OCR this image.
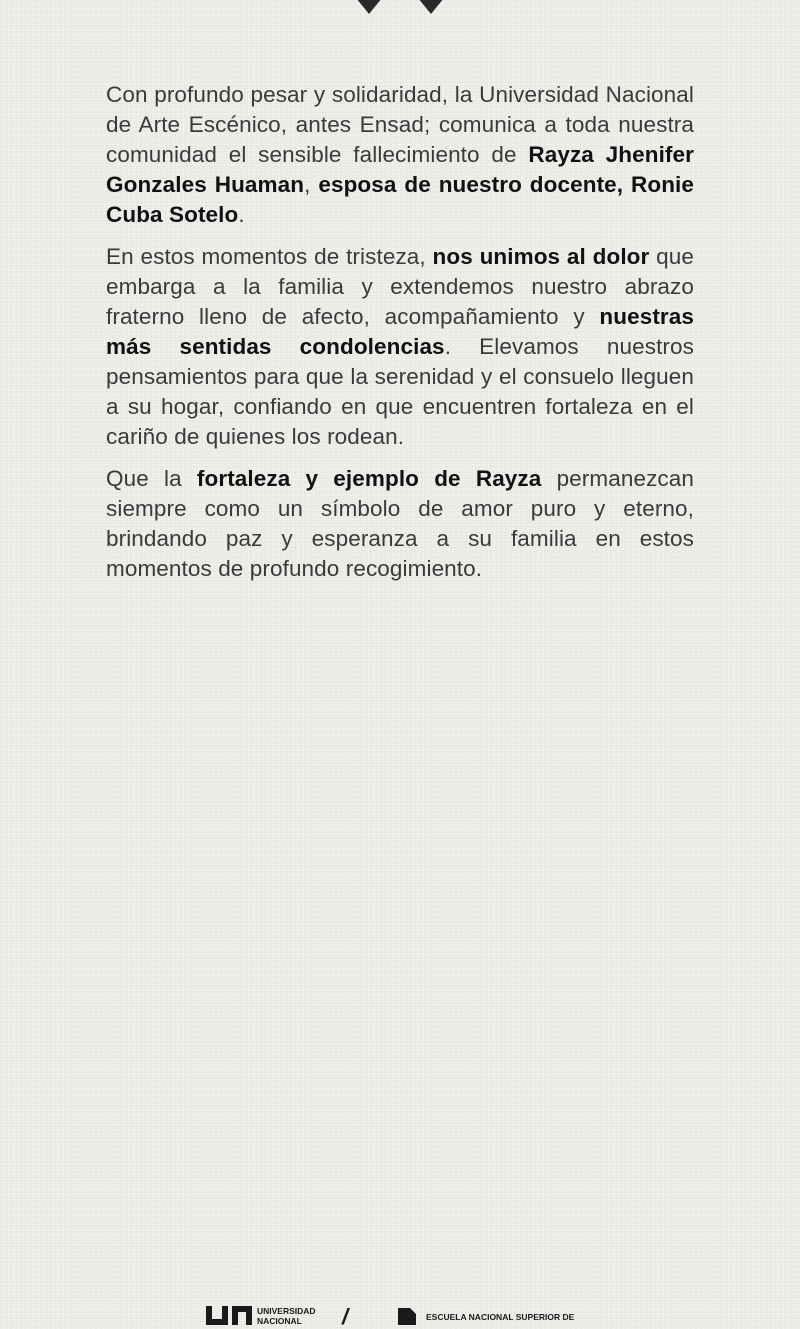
Con profundo pesar y solidaridad, la Universidad Nacional de Arte Escénico, antes Ensad; comunica a toda nuestra comunidad el sensible fallecimiento de Rayza Jhenifer Gonzales Huaman, esposa de nuestro docente, Ronie Cuba Sotelo.

En estos momentos de tristeza, nos unimos al dolor que embarga a la familia y extendemos nuestro abrazo fraterno lleno de afecto, acompañamiento y nuestras más sentidas condolencias. Elevamos nuestros pensamientos para que la serenidad y el consuelo lleguen a su hogar, confiando en que encuentren fortaleza en el cariño de quienes los rodean.

Que la fortaleza y ejemplo de Rayza permanezcan siempre como un símbolo de amor puro y eterno, brindando paz y esperanza a su familia en estos momentos de profundo recogimiento.

UNIVERSIDAD
NACIONAL	/	ESCUELA NACIONAL SUPERIOR DE
